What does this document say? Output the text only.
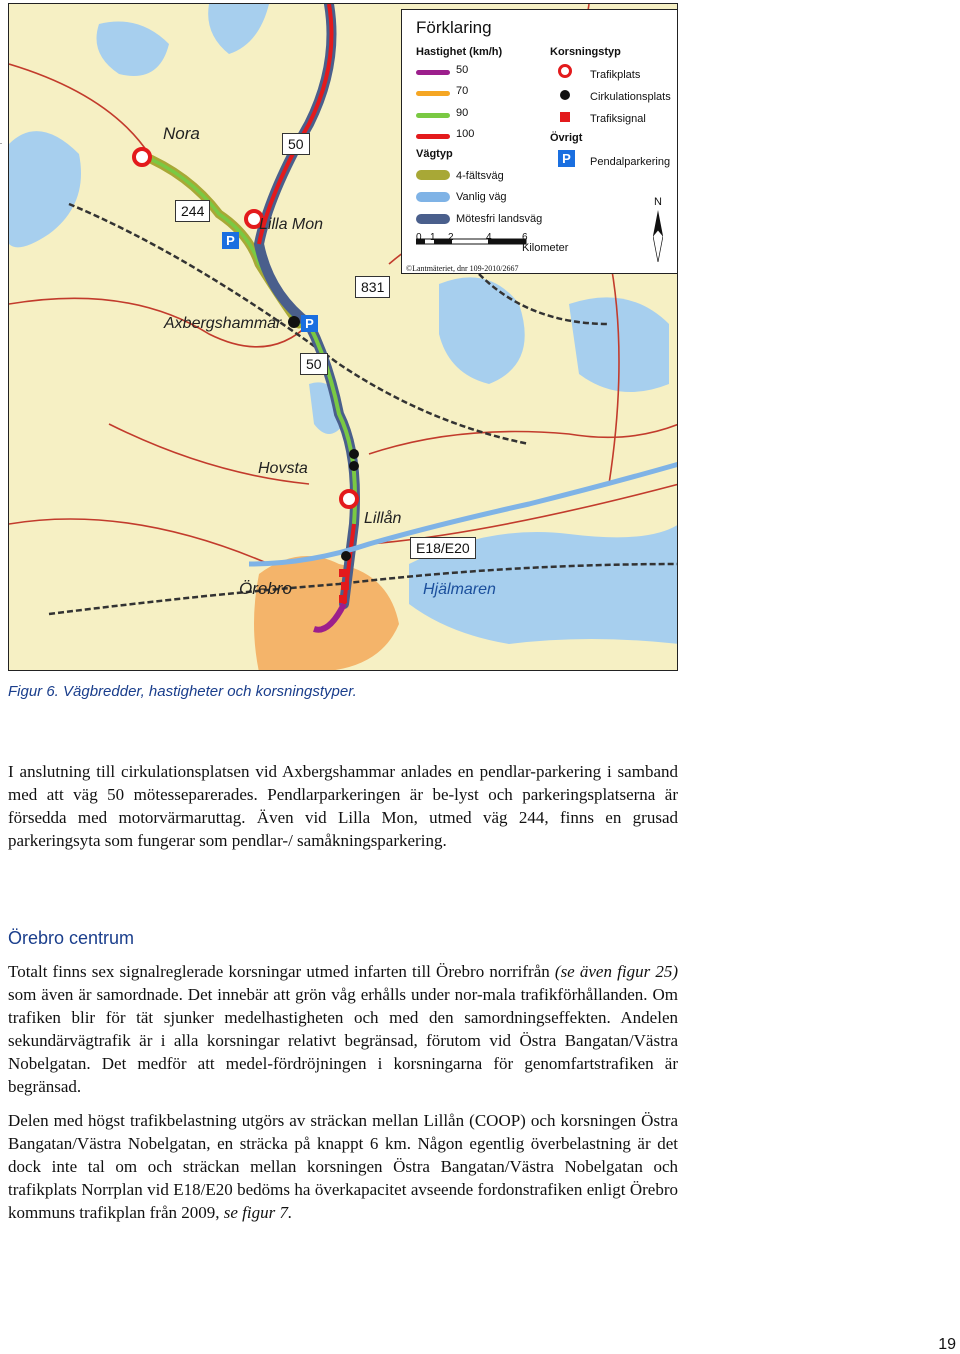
.
P
P
Nora
Lilla Mon
Axbergshammar
Hovsta
Lillån
Örebro	Hjälmaren
50
244
831
50
E18/E20
Förklaring
Hastighet (km/h)
50
70
90
100
Vägtyp
4-fältsväg
Vanlig väg
Mötesfri landsväg
0 1 2	4	6
Kilometer
©Lantmäteriet, dnr 109-2010/2667
Korsningstyp
Trafikplats
Cirkulationsplats
Trafiksignal
Övrigt
P	Pendalparkering
N
Figur 6. Vägbredder, hastigheter och korsningstyper.
I anslutning till cirkulationsplatsen vid Axbergshammar anlades en pendlar-parkering i samband med att väg 50 mötesseparerades. Pendlarparkeringen är be-lyst och parkeringsplatserna är försedda med motorvärmaruttag. Även vid Lilla Mon, utmed väg 244, finns en grusad parkeringsyta som fungerar som pendlar-/ samåkningsparkering.
Örebro centrum
Totalt finns sex signalreglerade korsningar utmed infarten till Örebro norrifrån (se även figur 25) som även är samordnade. Det innebär att grön våg erhålls under nor-mala trafikförhållanden. Om trafiken blir för tät sjunker medelhastigheten och med den samordningseffekten. Andelen sekundärvägtrafik är i alla korsningar relativt begränsad, förutom vid Östra Bangatan/Västra Nobelgatan. Det medför att medel-fördröjningen i korsningarna för genomfartstrafiken är begränsad.
Delen med högst trafikbelastning utgörs av sträckan mellan Lillån (COOP) och korsningen Östra Bangatan/Västra Nobelgatan, en sträcka på knappt 6 km. Någon egentlig överbelastning är det dock inte tal om och sträckan mellan korsningen Östra Bangatan/Västra Nobelgatan och trafikplats Norrplan vid E18/E20 bedöms ha överkapacitet avseende fordonstrafiken enligt Örebro kommuns trafikplan från 2009, se figur 7.
19
